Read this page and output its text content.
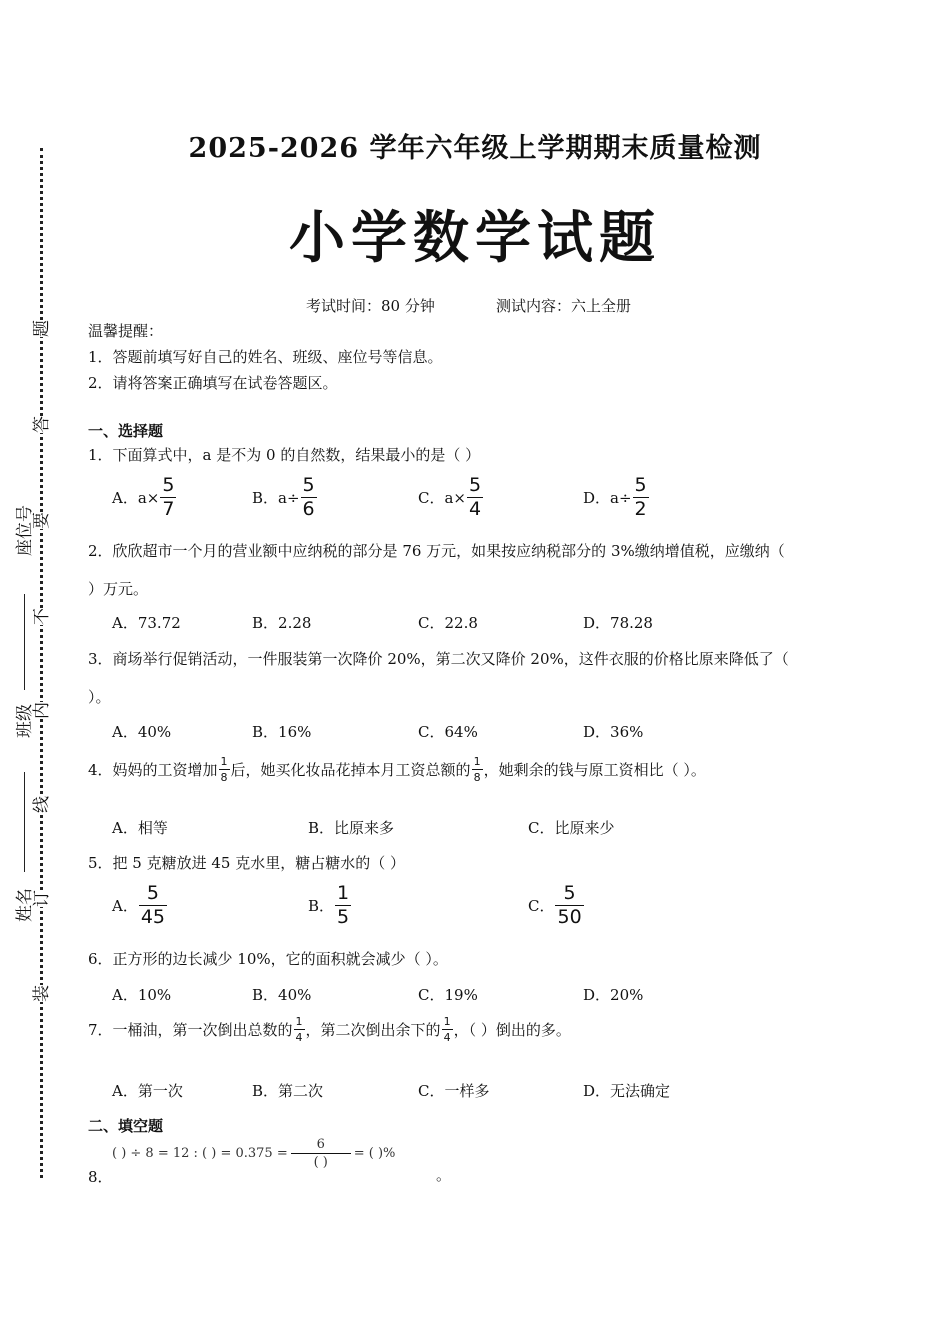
题
答
要
不
内
线
订
装
姓名
班级
座位号
2025-2026 学年六年级上学期期末质量检测
小学数学试题
考试时间：80 分钟	测试内容：六上全册
温馨提醒：
1．答题前填写好自己的姓名、班级、座位号等信息。
2．请将答案正确填写在试卷答题区。
一、选择题
1．下面算式中，a 是不为 0 的自然数，结果最小的是（ ）
A．$a\times \frac{5}{7}$	B．$a\div \frac{5}{6}$	C．$a\times \frac{5}{4}$	D．$a\div \frac{5}{2}$
2．欣欣超市一个月的营业额中应纳税的部分是 76 万元，如果按应纳税部分的 3%缴纳增值税，应缴纳（
）万元。
A．73.72	B．2.28	C．22.8	D．78.28
3．商场举行促销活动，一件服装第一次降价 20%，第二次又降价 20%，这件衣服的价格比原来降低了（
）。
A．40%	B．16%	C．64%	D．36%
4．妈妈的工资增加 $\frac{1}{8}$ 后，她买化妆品花掉本月工资总额的 $\frac{1}{8}$ ，她剩余的钱与原工资相比（ ）。
A．相等	B．比原来多	C．比原来少
5．把 5 克糖放进 45 克水里，糖占糖水的（ ）
A． $\frac{5}{45}$	B． $\frac{1}{5}$	C． $\frac{5}{50}$
6．正方形的边长减少 10%，它的面积就会减少（ ）。
A．10%	B．40%	C．19%	D．20%
7．一桶油，第一次倒出总数的 $\frac{1}{4}$ ，第二次倒出余下的 $\frac{1}{4}$ ，（ ）倒出的多。
A．第一次	B．第二次	C．一样多	D．无法确定
二、填空题
8．
( ) ÷ 8 = 12 : ( ) = $0.375 = \frac{6}{( )}$ = ( )%
。
